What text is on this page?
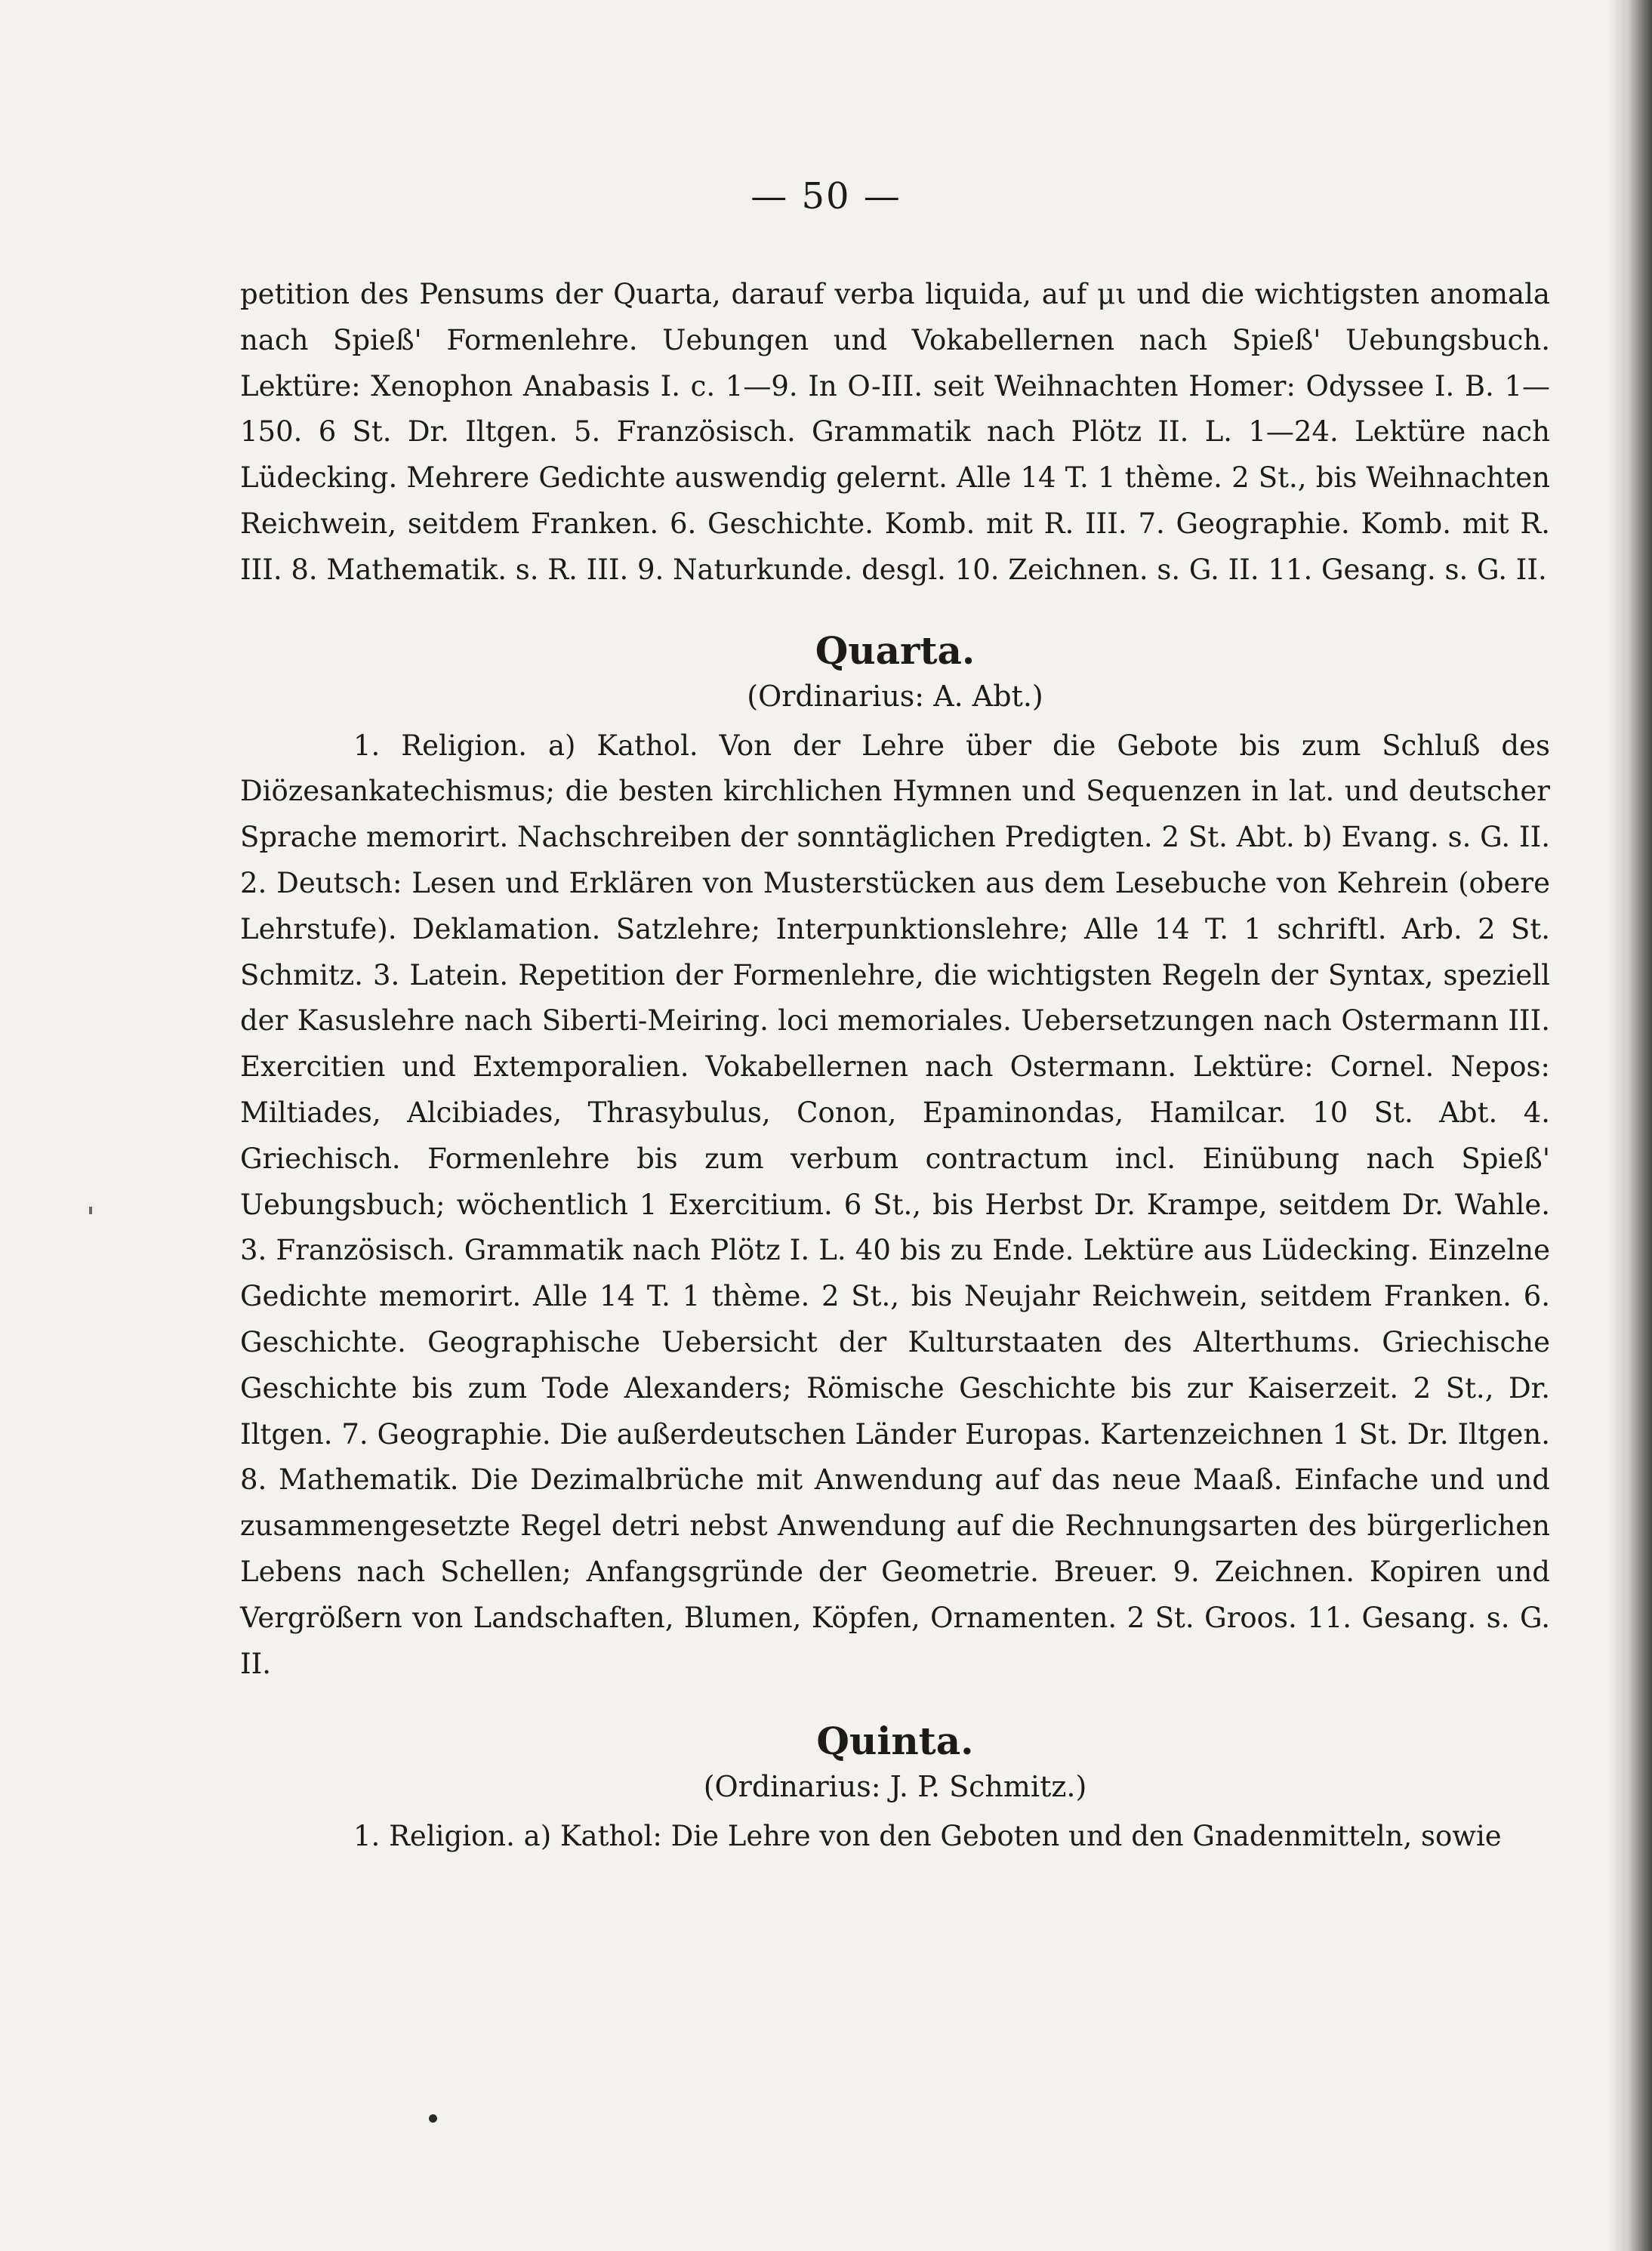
— 50 —

petition des Pensums der Quarta, darauf verba liquida, auf μι und die wichtigsten anomala nach Spieß' Formenlehre. Uebungen und Vokabellernen nach Spieß' Uebungsbuch. Lektüre: Xenophon Anabasis I. c. 1—9. In O-III. seit Weihnachten Homer: Odyssee I. B. 1—150. 6 St. Dr. Iltgen. 5. Französisch. Grammatik nach Plötz II. L. 1—24. Lektüre nach Lüdecking. Mehrere Gedichte auswendig gelernt. Alle 14 T. 1 thème. 2 St., bis Weihnachten Reichwein, seitdem Franken. 6. Geschichte. Komb. mit R. III. 7. Geographie. Komb. mit R. III. 8. Mathematik. s. R. III. 9. Naturkunde. desgl. 10. Zeichnen. s. G. II. 11. Gesang. s. G. II.

Quarta.

(Ordinarius: A. Abt.)

1. Religion. a) Kathol. Von der Lehre über die Gebote bis zum Schluß des Diözesankatechismus; die besten kirchlichen Hymnen und Sequenzen in lat. und deutscher Sprache memorirt. Nachschreiben der sonntäglichen Predigten. 2 St. Abt. b) Evang. s. G. II. 2. Deutsch: Lesen und Erklären von Musterstücken aus dem Lesebuche von Kehrein (obere Lehrstufe). Deklamation. Satzlehre; Interpunktionslehre; Alle 14 T. 1 schriftl. Arb. 2 St. Schmitz. 3. Latein. Repetition der Formenlehre, die wichtigsten Regeln der Syntax, speziell der Kasuslehre nach Siberti-Meiring. loci memoriales. Uebersetzungen nach Ostermann III. Exercitien und Extemporalien. Vokabellernen nach Ostermann. Lektüre: Cornel. Nepos: Miltiades, Alcibiades, Thrasybulus, Conon, Epaminondas, Hamilcar. 10 St. Abt. 4. Griechisch. Formenlehre bis zum verbum contractum incl. Einübung nach Spieß' Uebungsbuch; wöchentlich 1 Exercitium. 6 St., bis Herbst Dr. Krampe, seitdem Dr. Wahle. 3. Französisch. Grammatik nach Plötz I. L. 40 bis zu Ende. Lektüre aus Lüdecking. Einzelne Gedichte memorirt. Alle 14 T. 1 thème. 2 St., bis Neujahr Reichwein, seitdem Franken. 6. Geschichte. Geographische Uebersicht der Kulturstaaten des Alterthums. Griechische Geschichte bis zum Tode Alexanders; Römische Geschichte bis zur Kaiserzeit. 2 St., Dr. Iltgen. 7. Geographie. Die außerdeutschen Länder Europas. Kartenzeichnen 1 St. Dr. Iltgen. 8. Mathematik. Die Dezimalbrüche mit Anwendung auf das neue Maaß. Einfache und und zusammengesetzte Regel detri nebst Anwendung auf die Rechnungsarten des bürgerlichen Lebens nach Schellen; Anfangsgründe der Geometrie. Breuer. 9. Zeichnen. Kopiren und Vergrößern von Landschaften, Blumen, Köpfen, Ornamenten. 2 St. Groos. 11. Gesang. s. G. II.

Quinta.

(Ordinarius: J. P. Schmitz.)

1. Religion. a) Kathol: Die Lehre von den Geboten und den Gnadenmitteln, sowie
